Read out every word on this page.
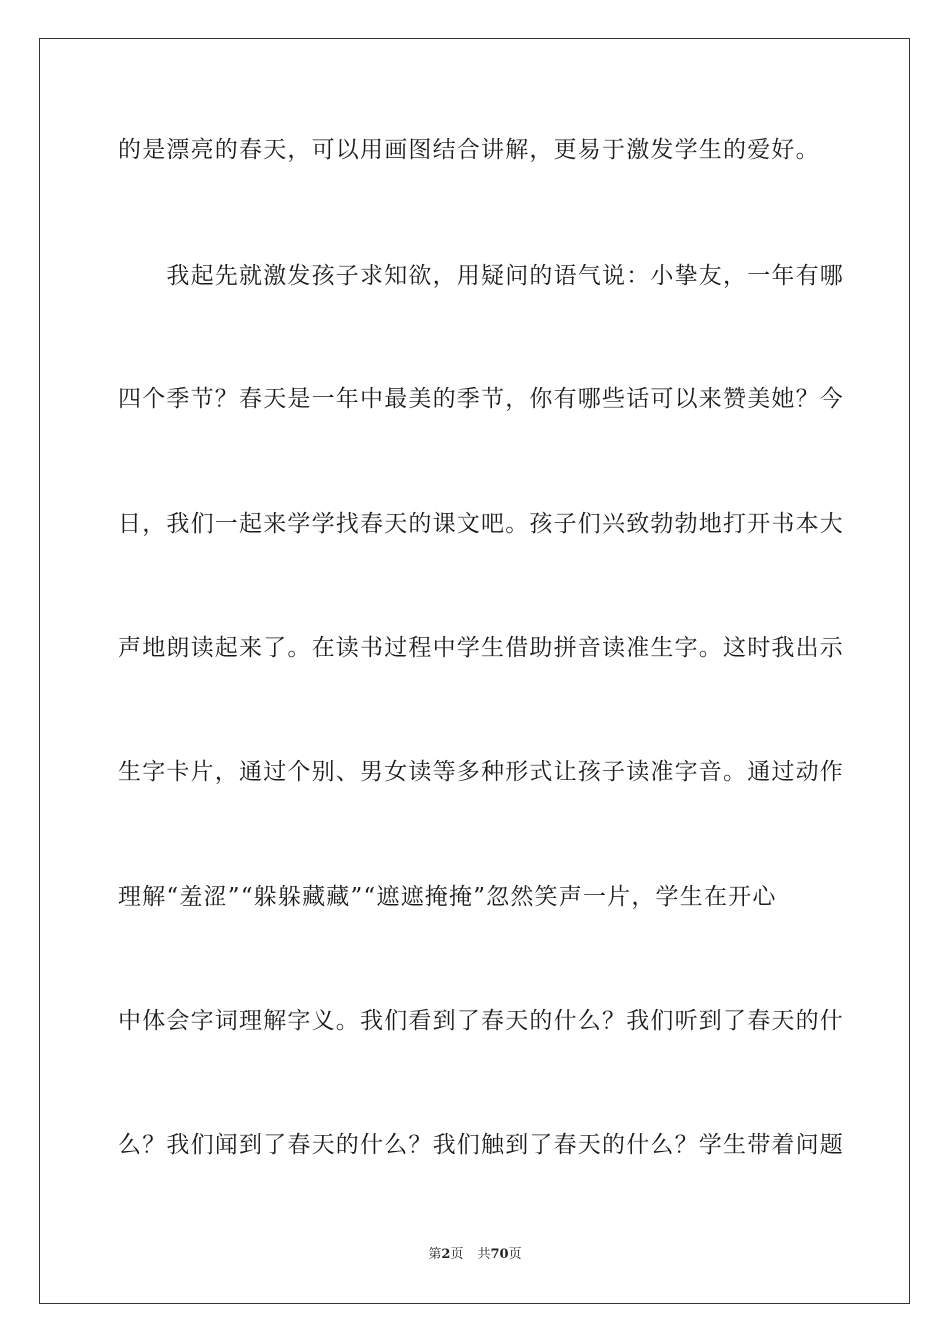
的是漂亮的春天，可以用画图结合讲解，更易于激发学生的爱好。
　　我起先就激发孩子求知欲，用疑问的语气说：小挚友，一年有哪
四个季节？春天是一年中最美的季节，你有哪些话可以来赞美她？今
日，我们一起来学学找春天的课文吧。孩子们兴致勃勃地打开书本大
声地朗读起来了。在读书过程中学生借助拼音读准生字。这时我出示
生字卡片，通过个别、男女读等多种形式让孩子读准字音。通过动作
理解“羞涩”“躲躲藏藏”“遮遮掩掩”忽然笑声一片，学生在开心
中体会字词理解字义。我们看到了春天的什么？我们听到了春天的什
么？我们闻到了春天的什么？我们触到了春天的什么？学生带着问题
第2页 共70页
